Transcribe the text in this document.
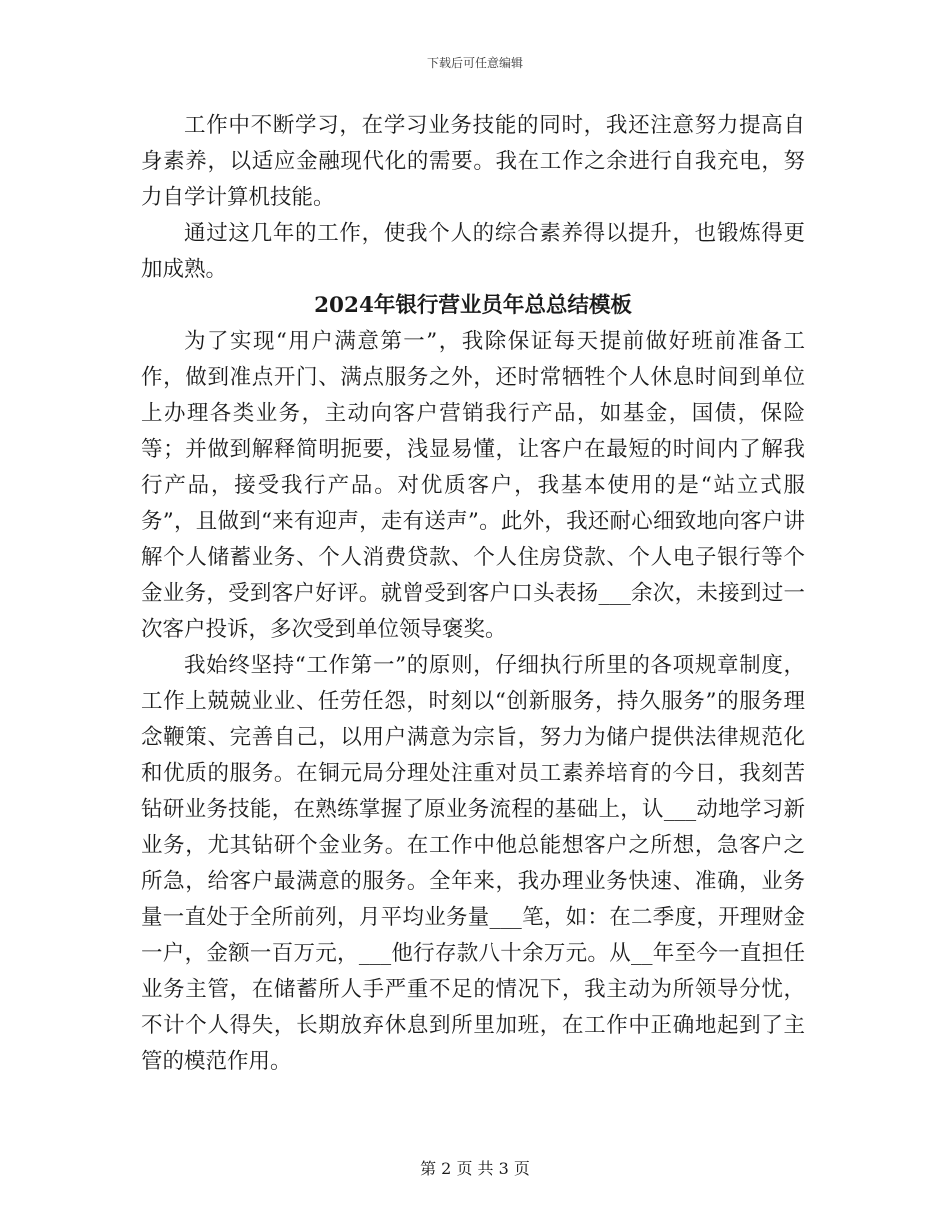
下载后可任意编辑

工作中不断学习，在学习业务技能的同时，我还注意努力提高自身素养，以适应金融现代化的需要。我在工作之余进行自我充电，努力自学计算机技能。

通过这几年的工作，使我个人的综合素养得以提升，也锻炼得更加成熟。

2024年银行营业员年总总结模板

为了实现“用户满意第一”，我除保证每天提前做好班前准备工作，做到准点开门、满点服务之外，还时常牺牲个人休息时间到单位上办理各类业务，主动向客户营销我行产品，如基金，国债，保险等；并做到解释简明扼要，浅显易懂，让客户在最短的时间内了解我行产品，接受我行产品。对优质客户，我基本使用的是“站立式服务”，且做到“来有迎声，走有送声”。此外，我还耐心细致地向客户讲解个人储蓄业务、个人消费贷款、个人住房贷款、个人电子银行等个金业务，受到客户好评。就曾受到客户口头表扬___余次，未接到过一次客户投诉，多次受到单位领导褒奖。

我始终坚持“工作第一”的原则，仔细执行所里的各项规章制度，工作上兢兢业业、任劳任怨，时刻以“创新服务，持久服务”的服务理念鞭策、完善自己，以用户满意为宗旨，努力为储户提供法律规范化和优质的服务。在铜元局分理处注重对员工素养培育的今日，我刻苦钻研业务技能，在熟练掌握了原业务流程的基础上，认___动地学习新业务，尤其钻研个金业务。在工作中他总能想客户之所想，急客户之所急，给客户最满意的服务。全年来，我办理业务快速、准确，业务量一直处于全所前列，月平均业务量___笔，如：在二季度，开理财金一户，金额一百万元，___他行存款八十余万元。从__年至今一直担任业务主管，在储蓄所人手严重不足的情况下，我主动为所领导分忧，不计个人得失，长期放弃休息到所里加班，在工作中正确地起到了主管的模范作用。

第 2 页 共 3 页
